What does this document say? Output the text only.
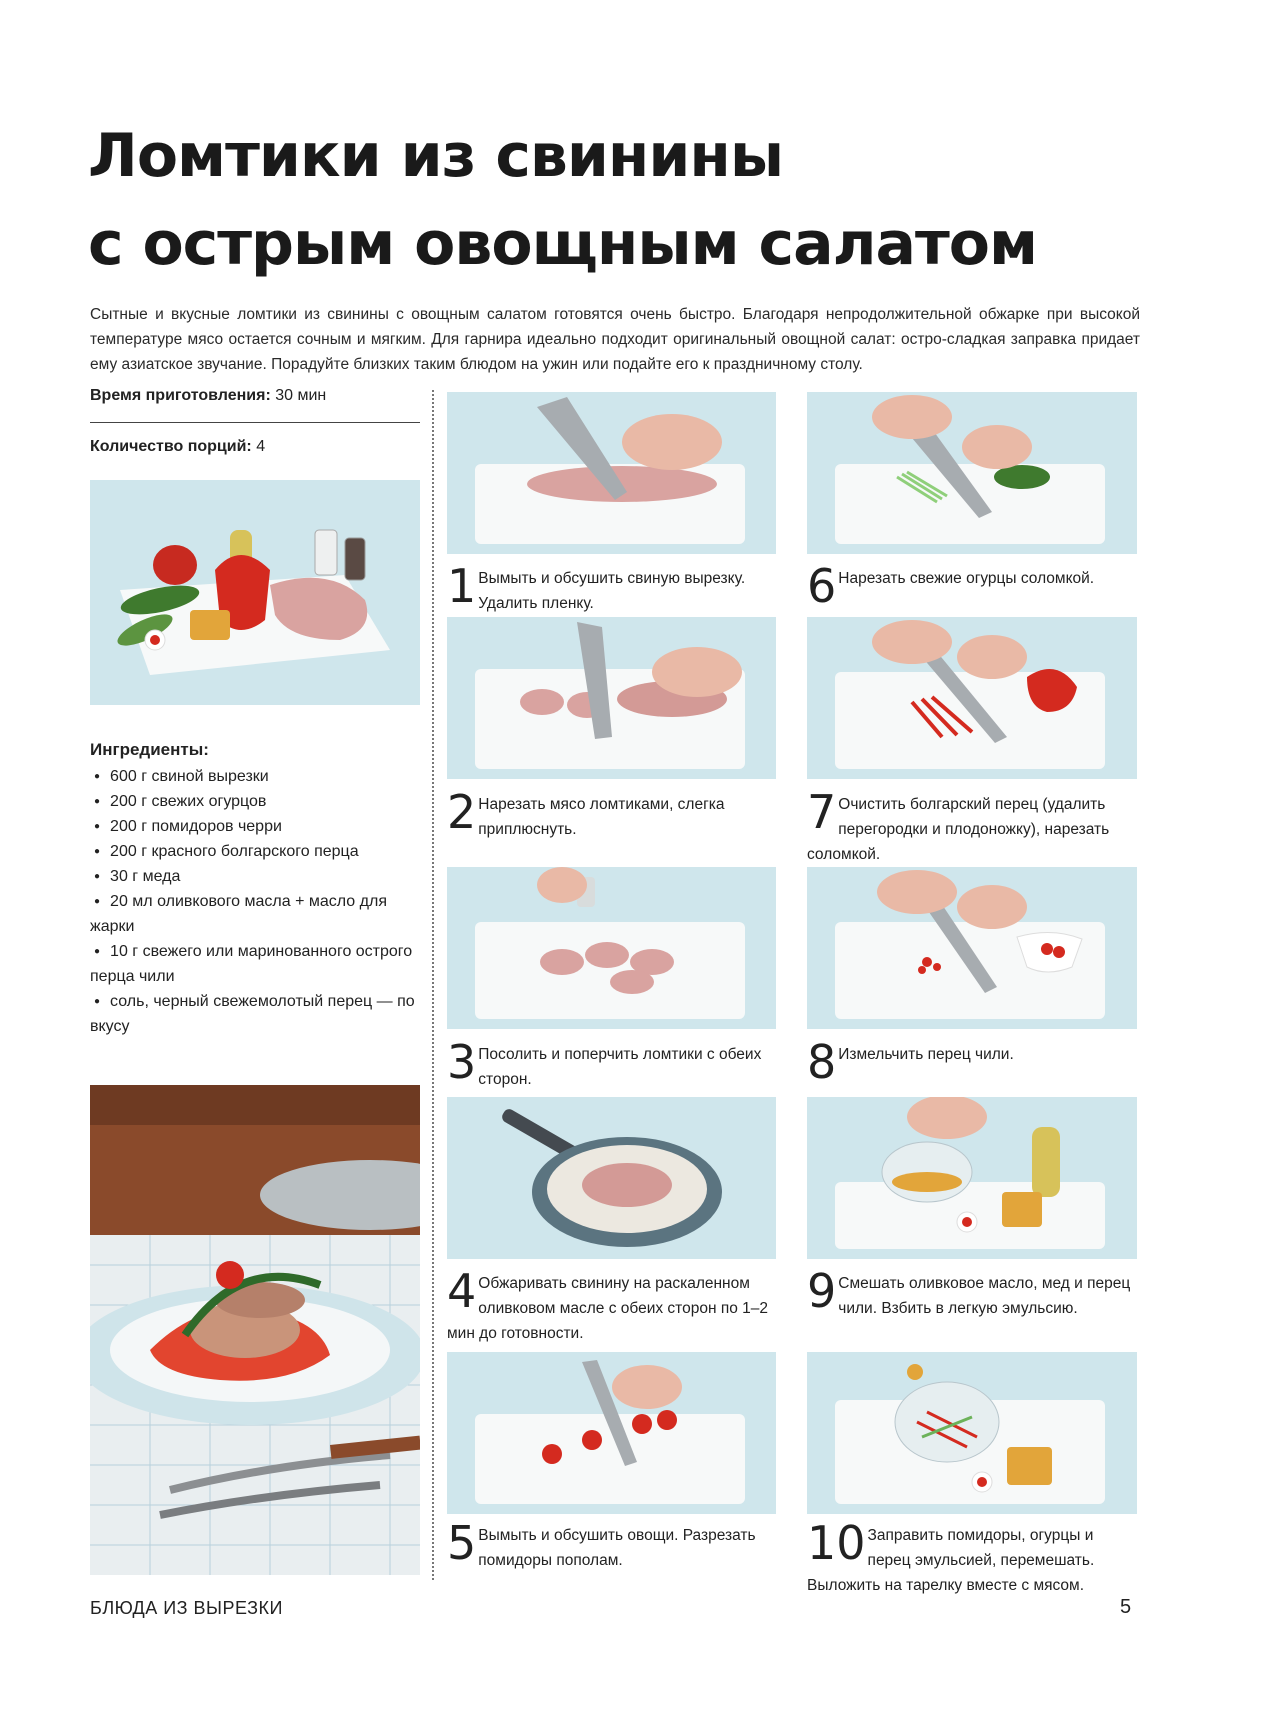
Ломтики из свинины
с острым овощным салатом

Сытные и вкусные ломтики из свинины с овощным салатом готовятся очень быстро. Благодаря непродолжительной обжарке при высокой температуре мясо остается сочным и мягким. Для гарнира идеально подходит оригинальный овощной салат: остро-сладкая заправка придает ему азиатское звучание. Порадуйте близких таким блюдом на ужин или подайте его к праздничному столу.

Время приготовления: 30 мин
Количество порций: 4
Ингредиенты:
● 600 г свиной вырезки
● 200 г свежих огурцов
● 200 г помидоров черри
● 200 г красного болгарского перца
● 30 г меда
● 20 мл оливкового масла + масло для жарки
● 10 г свежего или маринованного острого перца чили
● соль, черный свежемолотый перец — по вкусу
1 Вымыть и обсушить свиную вырезку. Удалить пленку.
2 Нарезать мясо ломтиками, слегка приплюснуть.
3 Посолить и поперчить ломтики с обеих сторон.
4 Обжаривать свинину на раскаленном оливковом масле с обеих сторон по 1–2 мин до готовности.
5 Вымыть и обсушить овощи. Разрезать помидоры пополам.
6 Нарезать свежие огурцы соломкой.
7 Очистить болгарский перец (удалить перегородки и плодоножку), нарезать соломкой.
8 Измельчить перец чили.
9 Смешать оливковое масло, мед и перец чили. Взбить в легкую эмульсию.
10 Заправить помидоры, огурцы и перец эмульсией, перемешать. Выложить на тарелку вместе с мясом.
БЛЮДА ИЗ ВЫРЕЗКИ	5
